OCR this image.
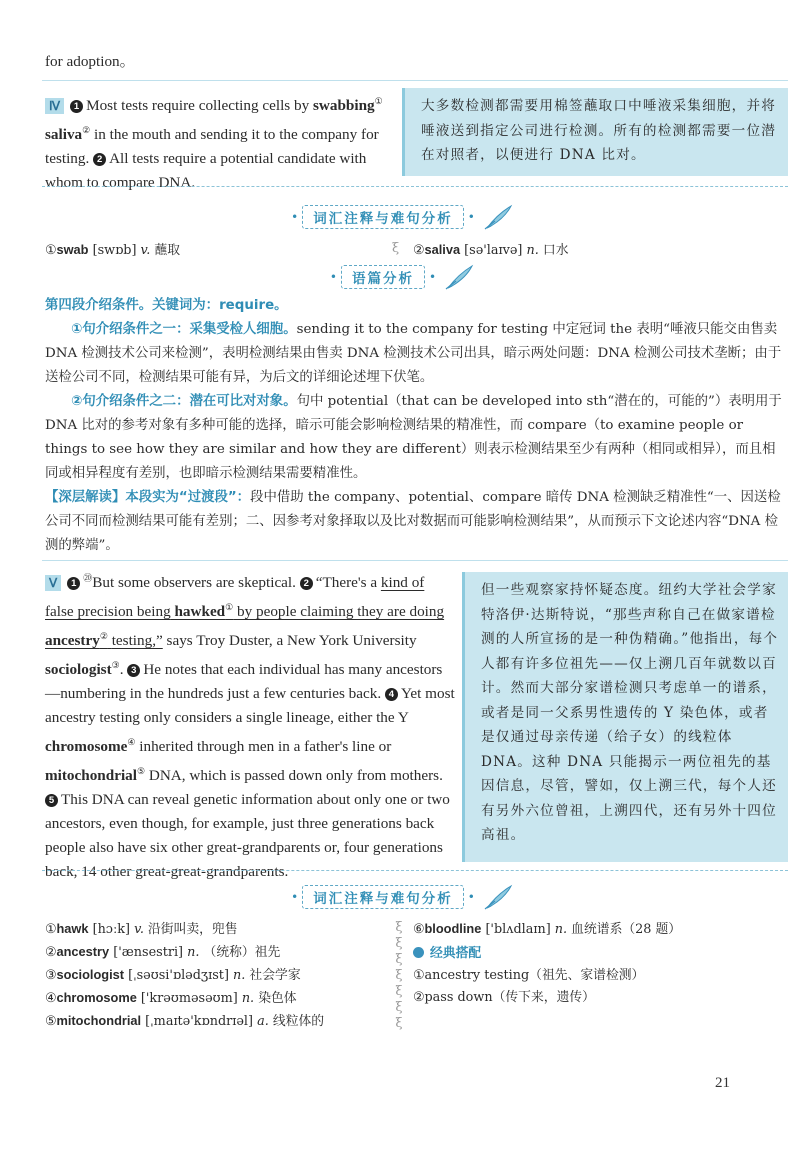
for adoption。

Ⅳ 1 Most tests require collecting cells by swabbing① saliva② in the mouth and sending it to the company for testing. 2 All tests require a potential candidate with whom to compare DNA.

大多数检测都需要用棉签蘸取口中唾液采集细胞，并将唾液送到指定公司进行检测。所有的检测都需要一位潜在对照者，以便进行 DNA 比对。

•	词汇注释与难句分析	•
①swab [swɒb] v. 蘸取	ξ ②saliva [sə'laɪvə] n. 口水
•	语篇分析	•

第四段介绍条件。关键词为：require。

①句介绍条件之一：采集受检人细胞。sending it to the company for testing 中定冠词 the 表明“唾液只能交由售卖 DNA 检测技术公司来检测”，表明检测结果由售卖 DNA 检测技术公司出具，暗示两处问题：DNA 检测公司技术垄断；由于送检公司不同，检测结果可能有异，为后文的详细论述埋下伏笔。

②句介绍条件之二：潜在可比对对象。句中 potential（that can be developed into sth“潜在的，可能的”）表明用于 DNA 比对的参考对象有多种可能的选择，暗示可能会影响检测结果的精准性，而 compare（to examine people or things to see how they are similar and how they are different）则表示检测结果至少有两种（相同或相异），而且相同或相异程度有差别，也即暗示检测结果需要精准性。

【深层解读】本段实为“过渡段”：段中借助 the company、potential、compare 暗传 DNA 检测缺乏精准性“一、因送检公司不同而检测结果可能有差别；二、因参考对象择取以及比对数据而可能影响检测结果”，从而预示下文论述内容“DNA 检测的弊端”。

Ⅴ 1⑳But some observers are skeptical. 2 “There's a kind of false precision being hawked① by people claiming they are doing ancestry② testing,” says Troy Duster, a New York University sociologist③. 3 He notes that each individual has many ancestors—numbering in the hundreds just a few centuries back. 4 Yet most ancestry testing only considers a single lineage, either the Y chromosome④ inherited through men in a father's line or mitochondrial⑤ DNA, which is passed down only from mothers. 5 This DNA can reveal genetic information about only one or two ancestors, even though, for example, just three generations back people also have six other great-grandparents or, four generations back, 14 other great-great-grandparents.

但一些观察家持怀疑态度。纽约大学社会学家特洛伊·达斯特说，“那些声称自己在做家谱检测的人所宣扬的是一种伪精确。”他指出，每个人都有许多位祖先——仅上溯几百年就数以百计。然而大部分家谱检测只考虑单一的谱系，或者是同一父系男性遗传的 Y 染色体，或者是仅通过母亲传递（给子女）的线粒体 DNA。这种 DNA 只能揭示一两位祖先的基因信息，尽管，譬如，仅上溯三代，每个人还有另外六位曾祖，上溯四代，还有另外十四位高祖。

•	词汇注释与难句分析	•
①hawk [hɔːk] v. 沿街叫卖，兜售
②ancestry ['ænsestri] n. （统称）祖先
③sociologist [ˌsəʊsi'ɒlədʒɪst] n. 社会学家
④chromosome ['krəʊməsəʊm] n. 染色体
⑤mitochondrial [ˌmaɪtə'kɒndrɪəl] a. 线粒体的
ξ
ξ
ξ
ξ
ξ
ξ
ξ
⑥bloodline ['blʌdlaɪn] n. 血统谱系（28 题）
经典搭配
①ancestry testing（祖先、家谱检测）
②pass down（传下来，遗传）
21
